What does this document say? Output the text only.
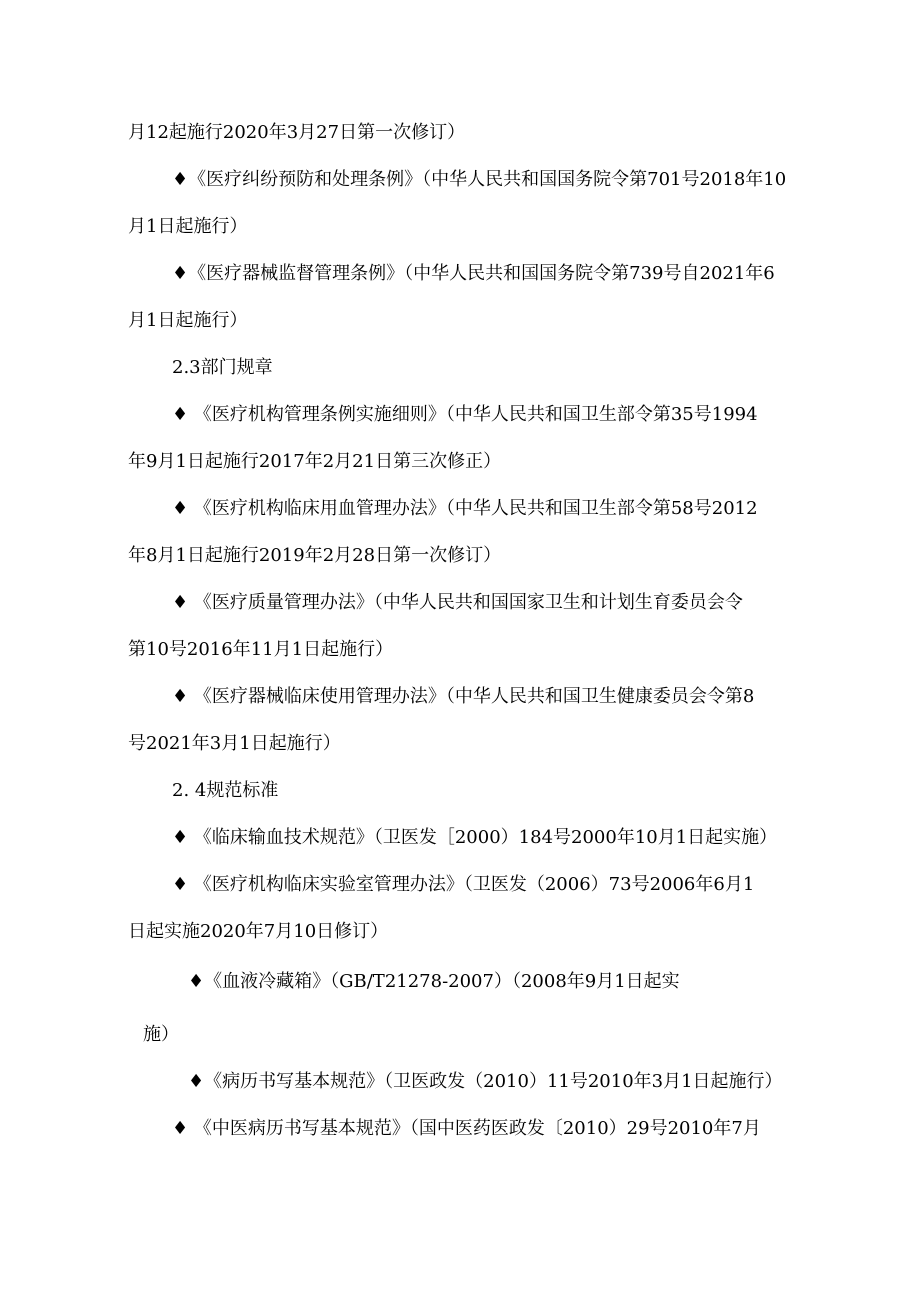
月12起施行2020年3月27日第一次修订）
♦《医疗纠纷预防和处理条例》（中华人民共和国国务院令第701号2018年10
月1日起施行）
♦《医疗器械监督管理条例》（中华人民共和国国务院令第739号自2021年6
月1日起施行）
2.3部门规章
♦ 《医疗机构管理条例实施细则》（中华人民共和国卫生部令第35号1994
年9月1日起施行2017年2月21日第三次修正）
♦ 《医疗机构临床用血管理办法》（中华人民共和国卫生部令第58号2012
年8月1日起施行2019年2月28日第一次修订）
♦ 《医疗质量管理办法》（中华人民共和国国家卫生和计划生育委员会令
第10号2016年11月1日起施行）
♦ 《医疗器械临床使用管理办法》（中华人民共和国卫生健康委员会令第8
号2021年3月1日起施行）
2. 4规范标准
♦ 《临床输血技术规范》（卫医发［2000）184号2000年10月1日起实施）
♦ 《医疗机构临床实验室管理办法》（卫医发（2006）73号2006年6月1
日起实施2020年7月10日修订）
♦《血液冷藏箱》（GB/T21278-2007）（2008年9月1日起实
施）
♦《病历书写基本规范》（卫医政发（2010）11号2010年3月1日起施行）
♦ 《中医病历书写基本规范》（国中医药医政发〔2010）29号2010年7月
